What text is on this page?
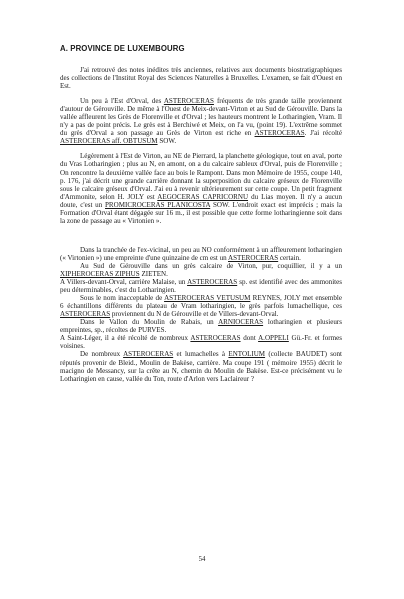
A. PROVINCE DE LUXEMBOURG

J'ai retrouvé des notes inédites très anciennes, relatives aux documents biostratigraphiques des collections de l'Institut Royal des Sciences Naturelles à Bruxelles. L'examen, se fait d'Ouest en Est.

Un peu à l'Est d'Orval, des ASTEROCERAS fréquents de très grande taille proviennent d'autour de Gérouville. De même à l'Ouest de Meix-devant-Virton et au Sud de Gérouville. Dans la vallée affleurent les Grès de Florenville et d'Orval ; les hauteurs montrent le Lotharingien, Vram. Il n'y a pas de point précis. Le grès est à Berchiwé et Meix, on l'a vu, (point 19). L'extrême sommet du grès d'Orval a son passage au Grès de Virton est riche en ASTEROCERAS. J'ai récolté ASTEROCERAS aff. OBTUSUM SOW.

Légèrement à l'Est de Virton, au NE de Pierrard, la planchette géologique, tout en aval, porte du Vras Lotharingien ; plus au N, en amont, on a du calcaire sableux d'Orval, puis de Florenville ; On rencontre la deuxième vallée face au bois le Rampont. Dans mon Mémoire de 1955, coupe 140, p. 176, j'ai décrit une grande carrière donnant la superposition du calcaire gréseux de Florenville sous le calcaire gréseux d'Orval. J'ai eu à revenir ultérieurement sur cette coupe. Un petit fragment d'Ammonite, selon H. JOLY est AEGOCERAS CAPRICORNU du Lias moyen. Il n'y a aucun doute, c'est un PROMICROCERAS PLANICOSTA SOW. L'endroit exact est imprécis ; mais la Formation d'Orval étant dégagée sur 16 m., il est possible que cette forme lotharingienne soit dans la zone de passage au « Virtonien ».

Dans la tranchée de l'ex-vicinal, un peu au NO conformément à un affleurement lotharingien (« Virtonien ») une empreinte d'une quinzaine de cm est un ASTEROCERAS certain.

Au Sud de Gérouville dans un grès calcaire de Virton, pur, coquillier, il y a un XIPHEROCERAS ZIPHUS ZIETEN.

A Villers-devant-Orval, carrière Malaise, un ASTEROCERAS sp. est identifié avec des ammonites peu déterminables, c'est du Lotharingien.

Sous le nom inacceptable de ASTEROCERAS VETUSUM REYNES, JOLY met ensemble 6 échantillons différents du plateau de Vram lotharingien, le grès parfois lumachellique, ces ASTEROCERAS proviennent du N de Gérouville et de Villers-devant-Orval.

Dans le Vallon du Moulin de Rabais, un ARNIOCERAS lotharingien et plusieurs empreintes, sp., récoltes de PURVES.

A Saint-Léger, il a été récolté de nombreux ASTEROCERAS dont A.OPPELI Gü.-Fr. et formes voisines.

De nombreux ASTEROCERAS et lumachelles à ENTOLIUM (collecte BAUDET) sont réputés provenir de Bleid., Moulin de Bakèse, carrière. Ma coupe 191 ( mémoire 1955) décrit le macigno de Messancy, sur la crête au N, chemin du Moulin de Bakèse. Est-ce précisément vu le Lotharingien en cause, vallée du Ton, route d'Arlon vers Laclaireur ?

54
